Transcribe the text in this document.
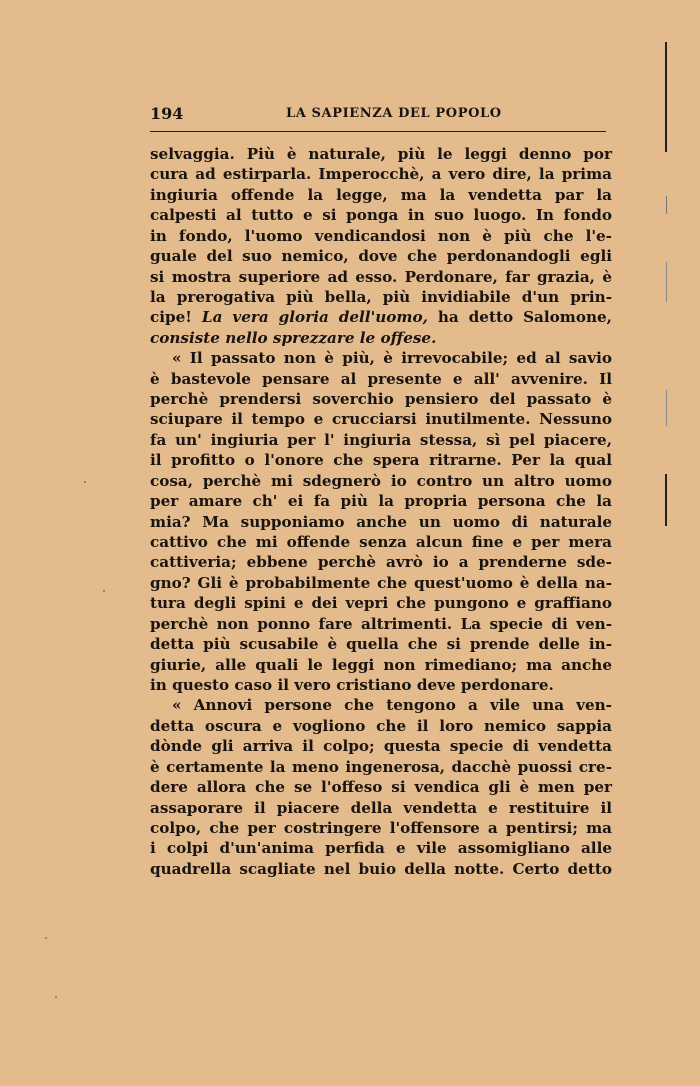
194	LA SAPIENZA DEL POPOLO
selvaggia. Più è naturale, più le leggi denno por
cura ad estirparla. Imperocchè, a vero dire, la prima
ingiuria offende la legge, ma la vendetta par la
calpesti al tutto e si ponga in suo luogo. In fondo
in fondo, l'uomo vendicandosi non è più che l'e-
guale del suo nemico, dove che perdonandogli egli
si mostra superiore ad esso. Perdonare, far grazia, è
la prerogativa più bella, più invidiabile d'un prin-
cipe! La vera gloria dell'uomo, ha detto Salomone,
consiste nello sprezzare le offese.
« Il passato non è più, è irrevocabile; ed al savio
è bastevole pensare al presente e all' avvenire. Il
perchè prendersi soverchio pensiero del passato è
sciupare il tempo e crucciarsi inutilmente. Nessuno
fa un' ingiuria per l' ingiuria stessa, sì pel piacere,
il profitto o l'onore che spera ritrarne. Per la qual
cosa, perchè mi sdegnerò io contro un altro uomo
per amare ch' ei fa più la propria persona che la
mia? Ma supponiamo anche un uomo di naturale
cattivo che mi offende senza alcun fine e per mera
cattiveria; ebbene perchè avrò io a prenderne sde-
gno? Gli è probabilmente che quest'uomo è della na-
tura degli spini e dei vepri che pungono e graffiano
perchè non ponno fare altrimenti. La specie di ven-
detta più scusabile è quella che si prende delle in-
giurie, alle quali le leggi non rimediano; ma anche
in questo caso il vero cristiano deve perdonare.
« Annovi persone che tengono a vile una ven-
detta oscura e vogliono che il loro nemico sappia
dònde gli arriva il colpo; questa specie di vendetta
è certamente la meno ingenerosa, dacchè puossi cre-
dere allora che se l'offeso si vendica gli è men per
assaporare il piacere della vendetta e restituire il
colpo, che per costringere l'offensore a pentirsi; ma
i colpi d'un'anima perfida e vile assomigliano alle
quadrella scagliate nel buio della notte. Certo detto
